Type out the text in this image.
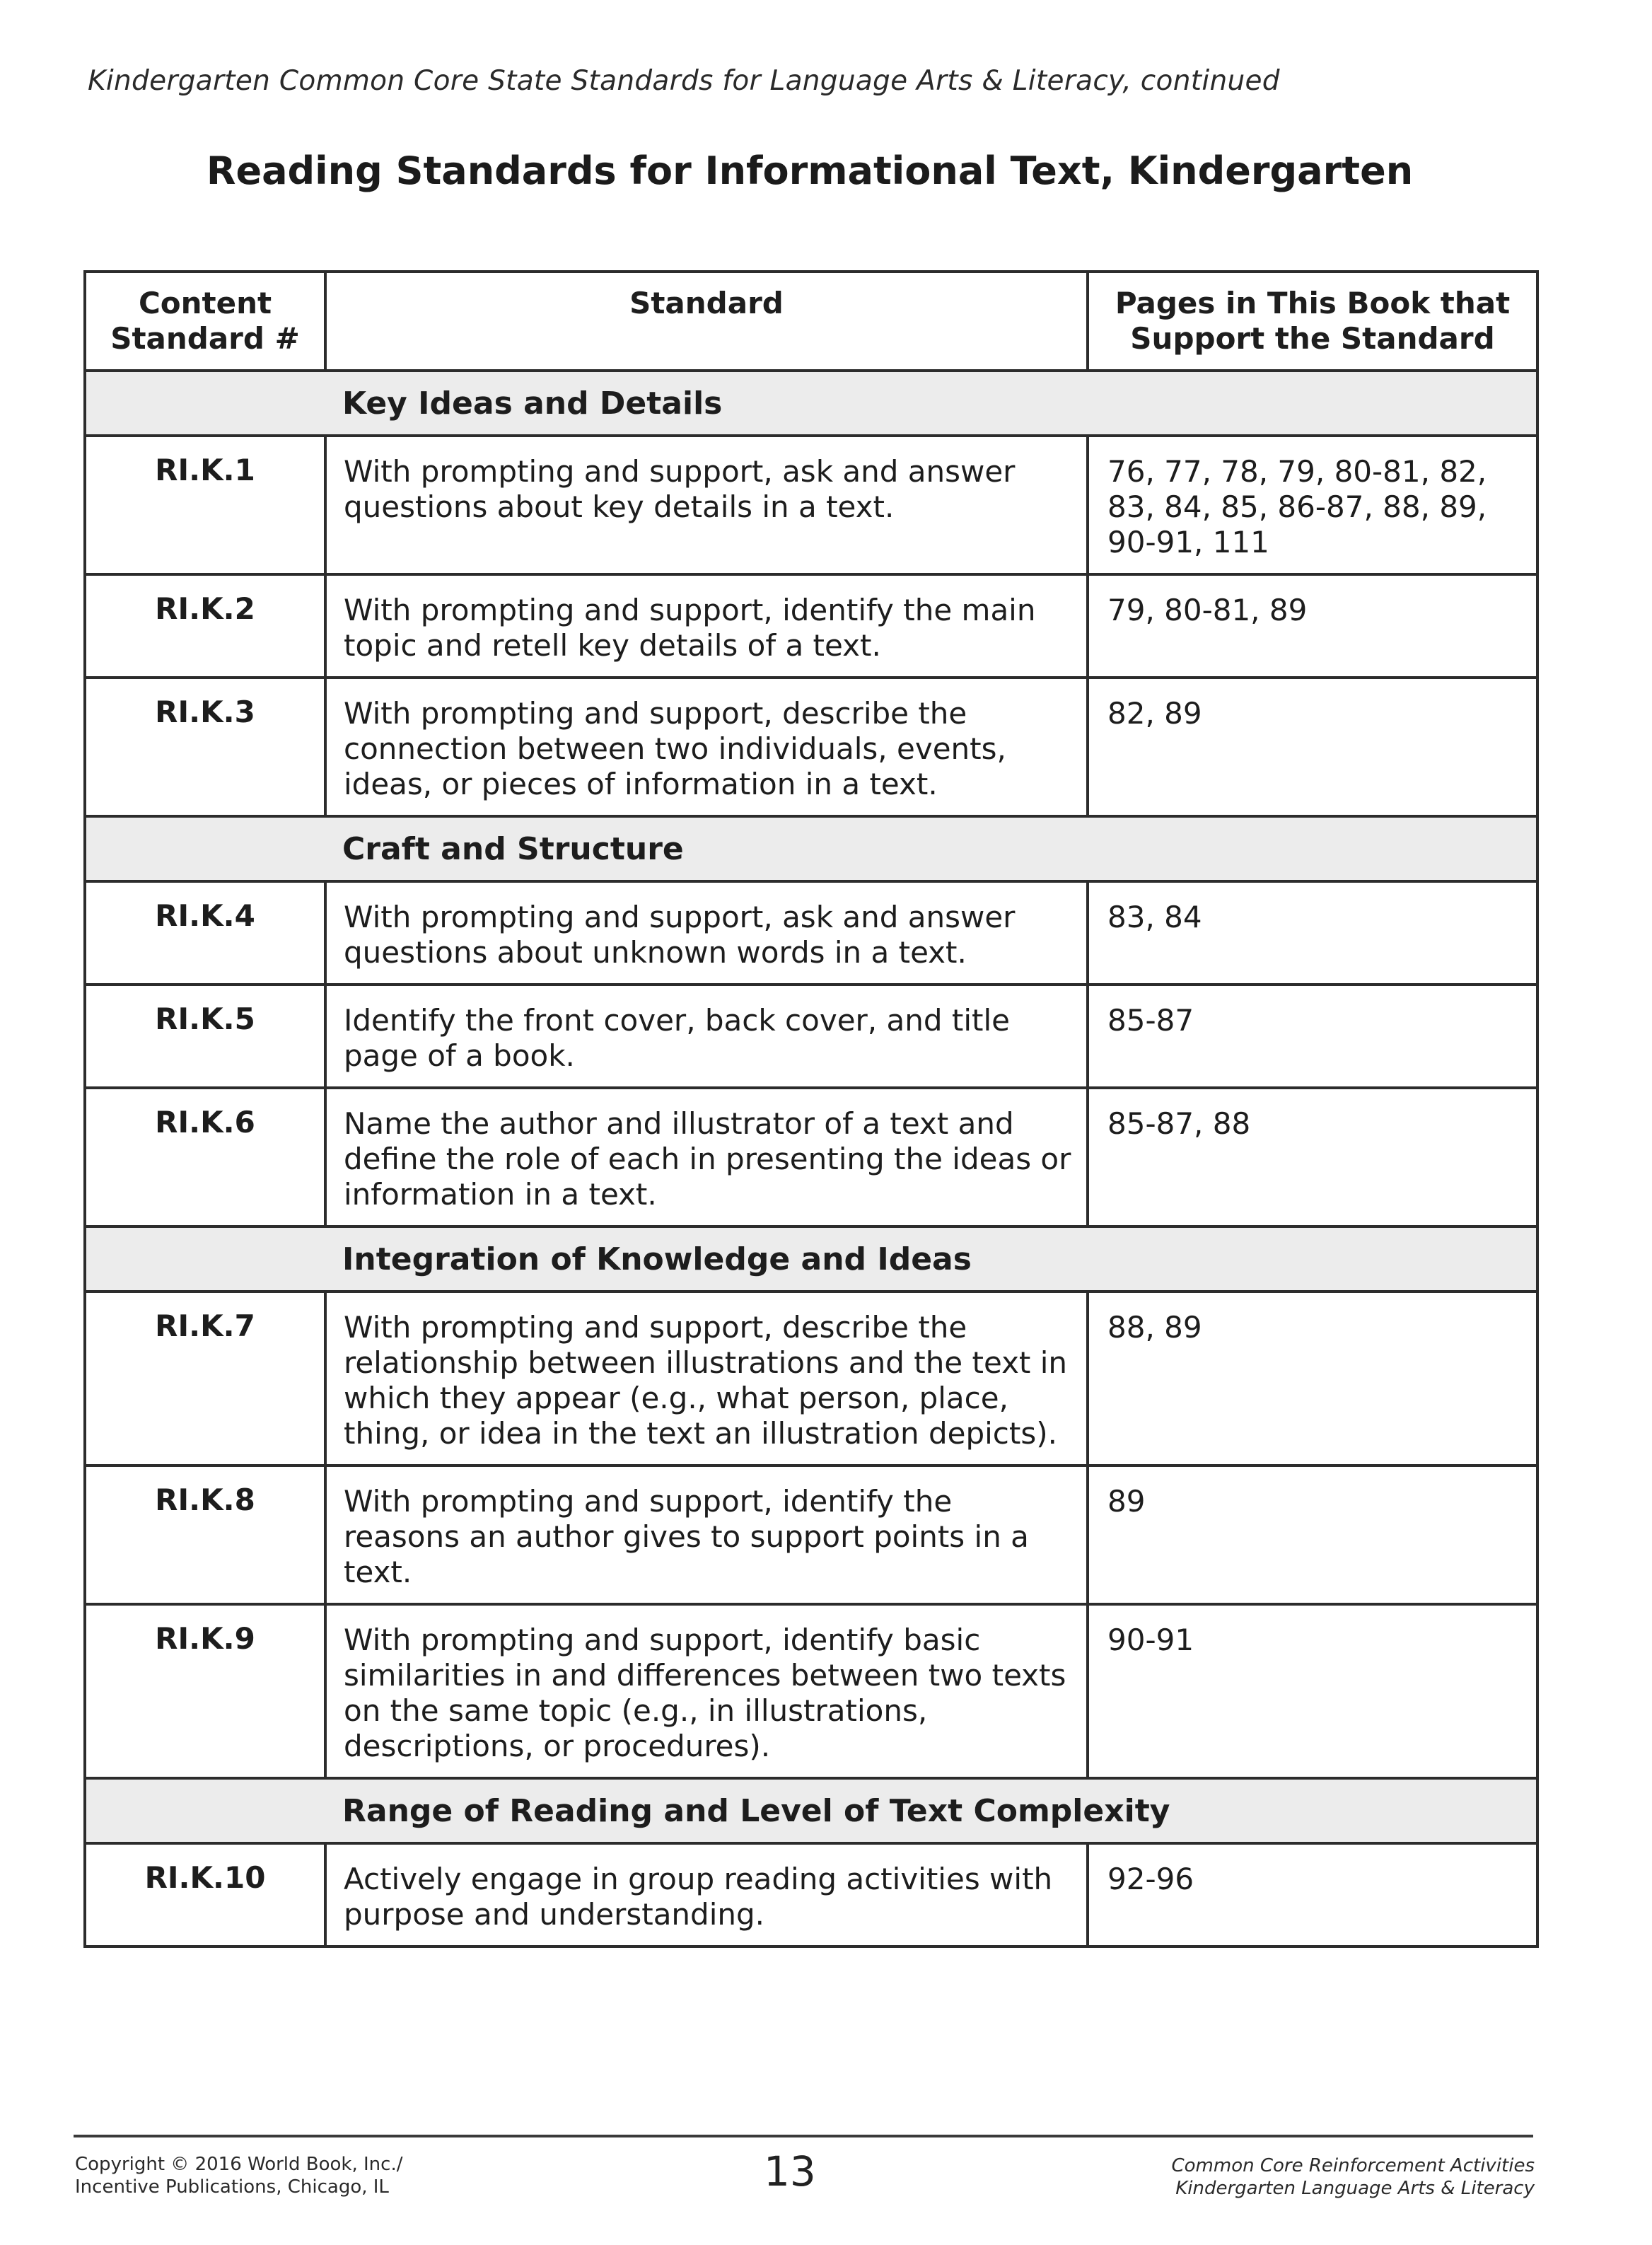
Kindergarten Common Core State Standards for Language Arts & Literacy, continued
Reading Standards for Informational Text, Kindergarten
Content Standard #	Standard	Pages in This Book that Support the Standard

	Key Ideas and Details	

RI.K.1	With prompting and support, ask and answer questions about key details in a text.	76, 77, 78, 79, 80-81, 82, 83, 84, 85, 86-87, 88, 89, 90-91, 111

RI.K.2	With prompting and support, identify the main topic and retell key details of a text.	79, 80-81, 89

RI.K.3	With prompting and support, describe the connection between two individuals, events, ideas, or pieces of information in a text.	82, 89

	Craft and Structure	

RI.K.4	With prompting and support, ask and answer questions about unknown words in a text.	83, 84

RI.K.5	Identify the front cover, back cover, and title page of a book.	85-87

RI.K.6	Name the author and illustrator of a text and define the role of each in presenting the ideas or information in a text.	85-87, 88

	Integration of Knowledge and Ideas	

RI.K.7	With prompting and support, describe the relationship between illustrations and the text in which they appear (e.g., what person, place, thing, or idea in the text an illustration depicts).	88, 89

RI.K.8	With prompting and support, identify the reasons an author gives to support points in a text.	89

RI.K.9	With prompting and support, identify basic similarities in and differences between two texts on the same topic (e.g., in illustrations, descriptions, or procedures).	90-91

	Range of Reading and Level of Text Complexity	

RI.K.10	Actively engage in group reading activities with purpose and understanding.	92-96
Copyright © 2016 World Book, Inc./
Incentive Publications, Chicago, IL	13	Common Core Reinforcement Activities
Kindergarten Language Arts & Literacy
